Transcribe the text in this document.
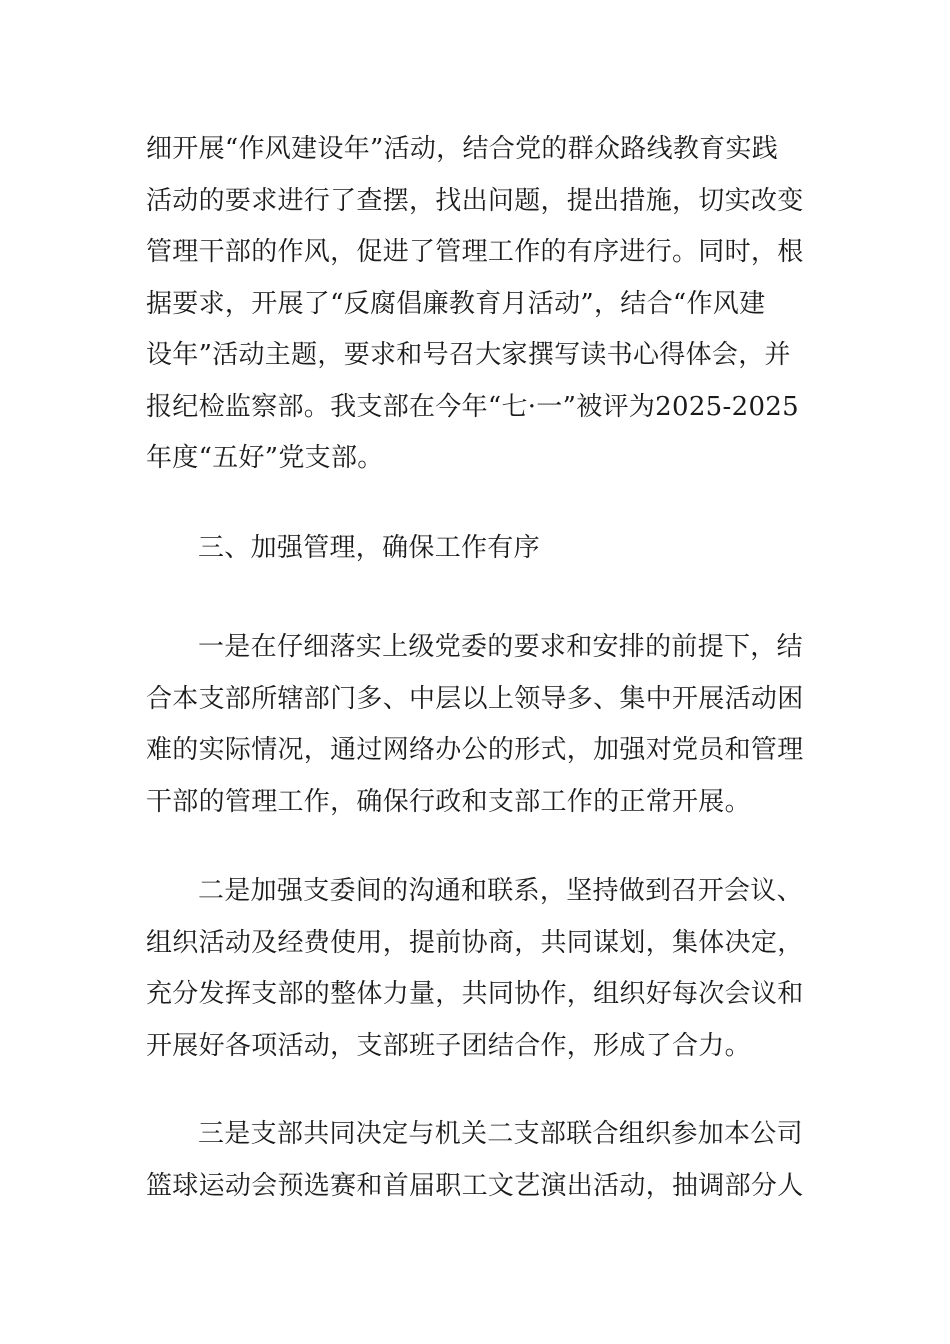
细开展“作风建设年”活动，结合党的群众路线教育实践
活动的要求进行了查摆，找出问题，提出措施，切实改变
管理干部的作风，促进了管理工作的有序进行。同时，根
据要求，开展了“反腐倡廉教育月活动”，结合“作风建
设年”活动主题，要求和号召大家撰写读书心得体会，并
报纪检监察部。我支部在今年“七·一”被评为2025-2025
年度“五好”党支部。

三、加强管理，确保工作有序

一是在仔细落实上级党委的要求和安排的前提下，结
合本支部所辖部门多、中层以上领导多、集中开展活动困
难的实际情况，通过网络办公的形式，加强对党员和管理
干部的管理工作，确保行政和支部工作的正常开展。

二是加强支委间的沟通和联系，坚持做到召开会议、
组织活动及经费使用，提前协商，共同谋划，集体决定，
充分发挥支部的整体力量，共同协作，组织好每次会议和
开展好各项活动，支部班子团结合作，形成了合力。

三是支部共同决定与机关二支部联合组织参加本公司
篮球运动会预选赛和首届职工文艺演出活动，抽调部分人
